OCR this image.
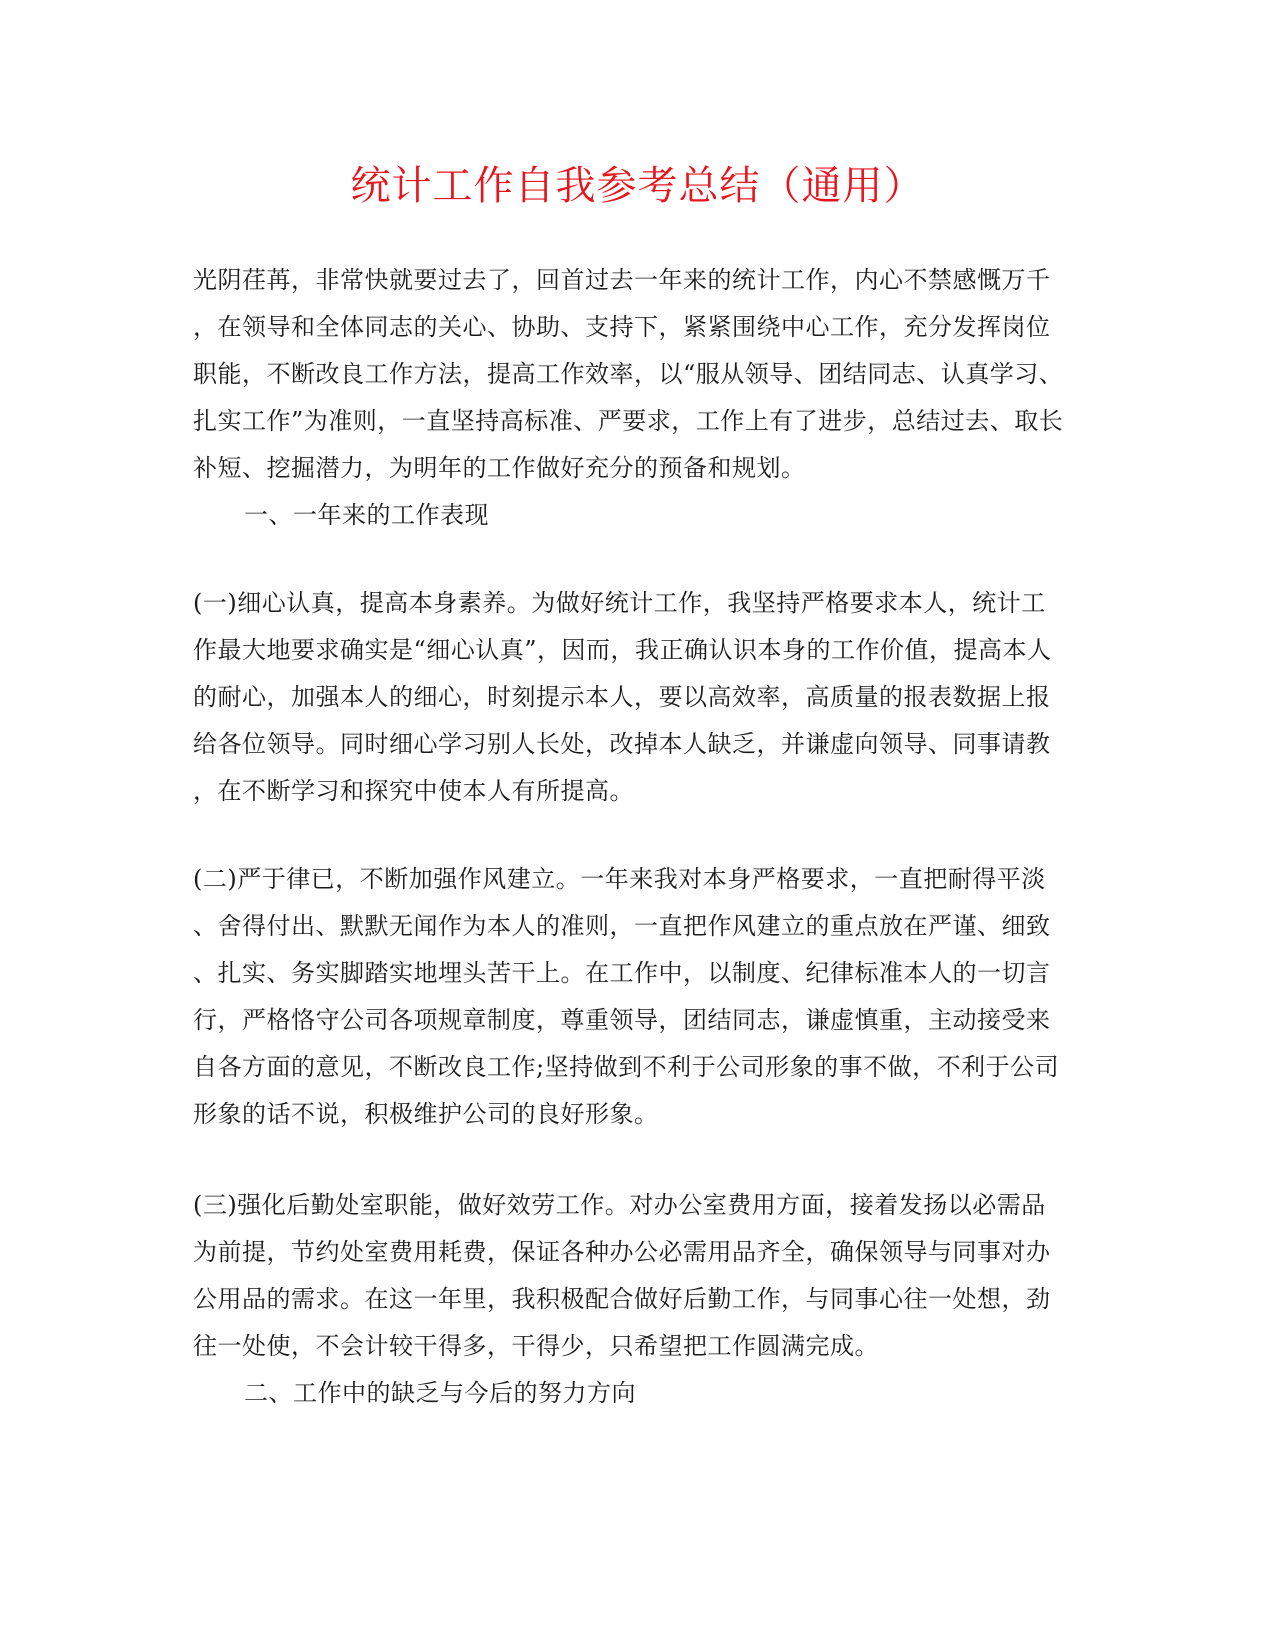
统计工作自我参考总结（通用）
光阴荏苒，非常快就要过去了，回首过去一年来的统计工作，内心不禁感慨万千
，在领导和全体同志的关心、协助、支持下，紧紧围绕中心工作，充分发挥岗位
职能，不断改良工作方法，提高工作效率，以“服从领导、团结同志、认真学习、
扎实工作”为准则，一直坚持高标准、严要求，工作上有了进步，总结过去、取长
补短、挖掘潜力，为明年的工作做好充分的预备和规划。
一、一年来的工作表现
(一)细心认真，提高本身素养。为做好统计工作，我坚持严格要求本人，统计工
作最大地要求确实是“细心认真”，因而，我正确认识本身的工作价值，提高本人
的耐心，加强本人的细心，时刻提示本人，要以高效率，高质量的报表数据上报
给各位领导。同时细心学习别人长处，改掉本人缺乏，并谦虚向领导、同事请教
，在不断学习和探究中使本人有所提高。
(二)严于律已，不断加强作风建立。一年来我对本身严格要求，一直把耐得平淡
、舍得付出、默默无闻作为本人的准则，一直把作风建立的重点放在严谨、细致
、扎实、务实脚踏实地埋头苦干上。在工作中，以制度、纪律标准本人的一切言
行，严格恪守公司各项规章制度，尊重领导，团结同志，谦虚慎重，主动接受来
自各方面的意见，不断改良工作;坚持做到不利于公司形象的事不做，不利于公司
形象的话不说，积极维护公司的良好形象。
(三)强化后勤处室职能，做好效劳工作。对办公室费用方面，接着发扬以必需品
为前提，节约处室费用耗费，保证各种办公必需用品齐全，确保领导与同事对办
公用品的需求。在这一年里，我积极配合做好后勤工作，与同事心往一处想，劲
往一处使，不会计较干得多，干得少，只希望把工作圆满完成。
二、工作中的缺乏与今后的努力方向
